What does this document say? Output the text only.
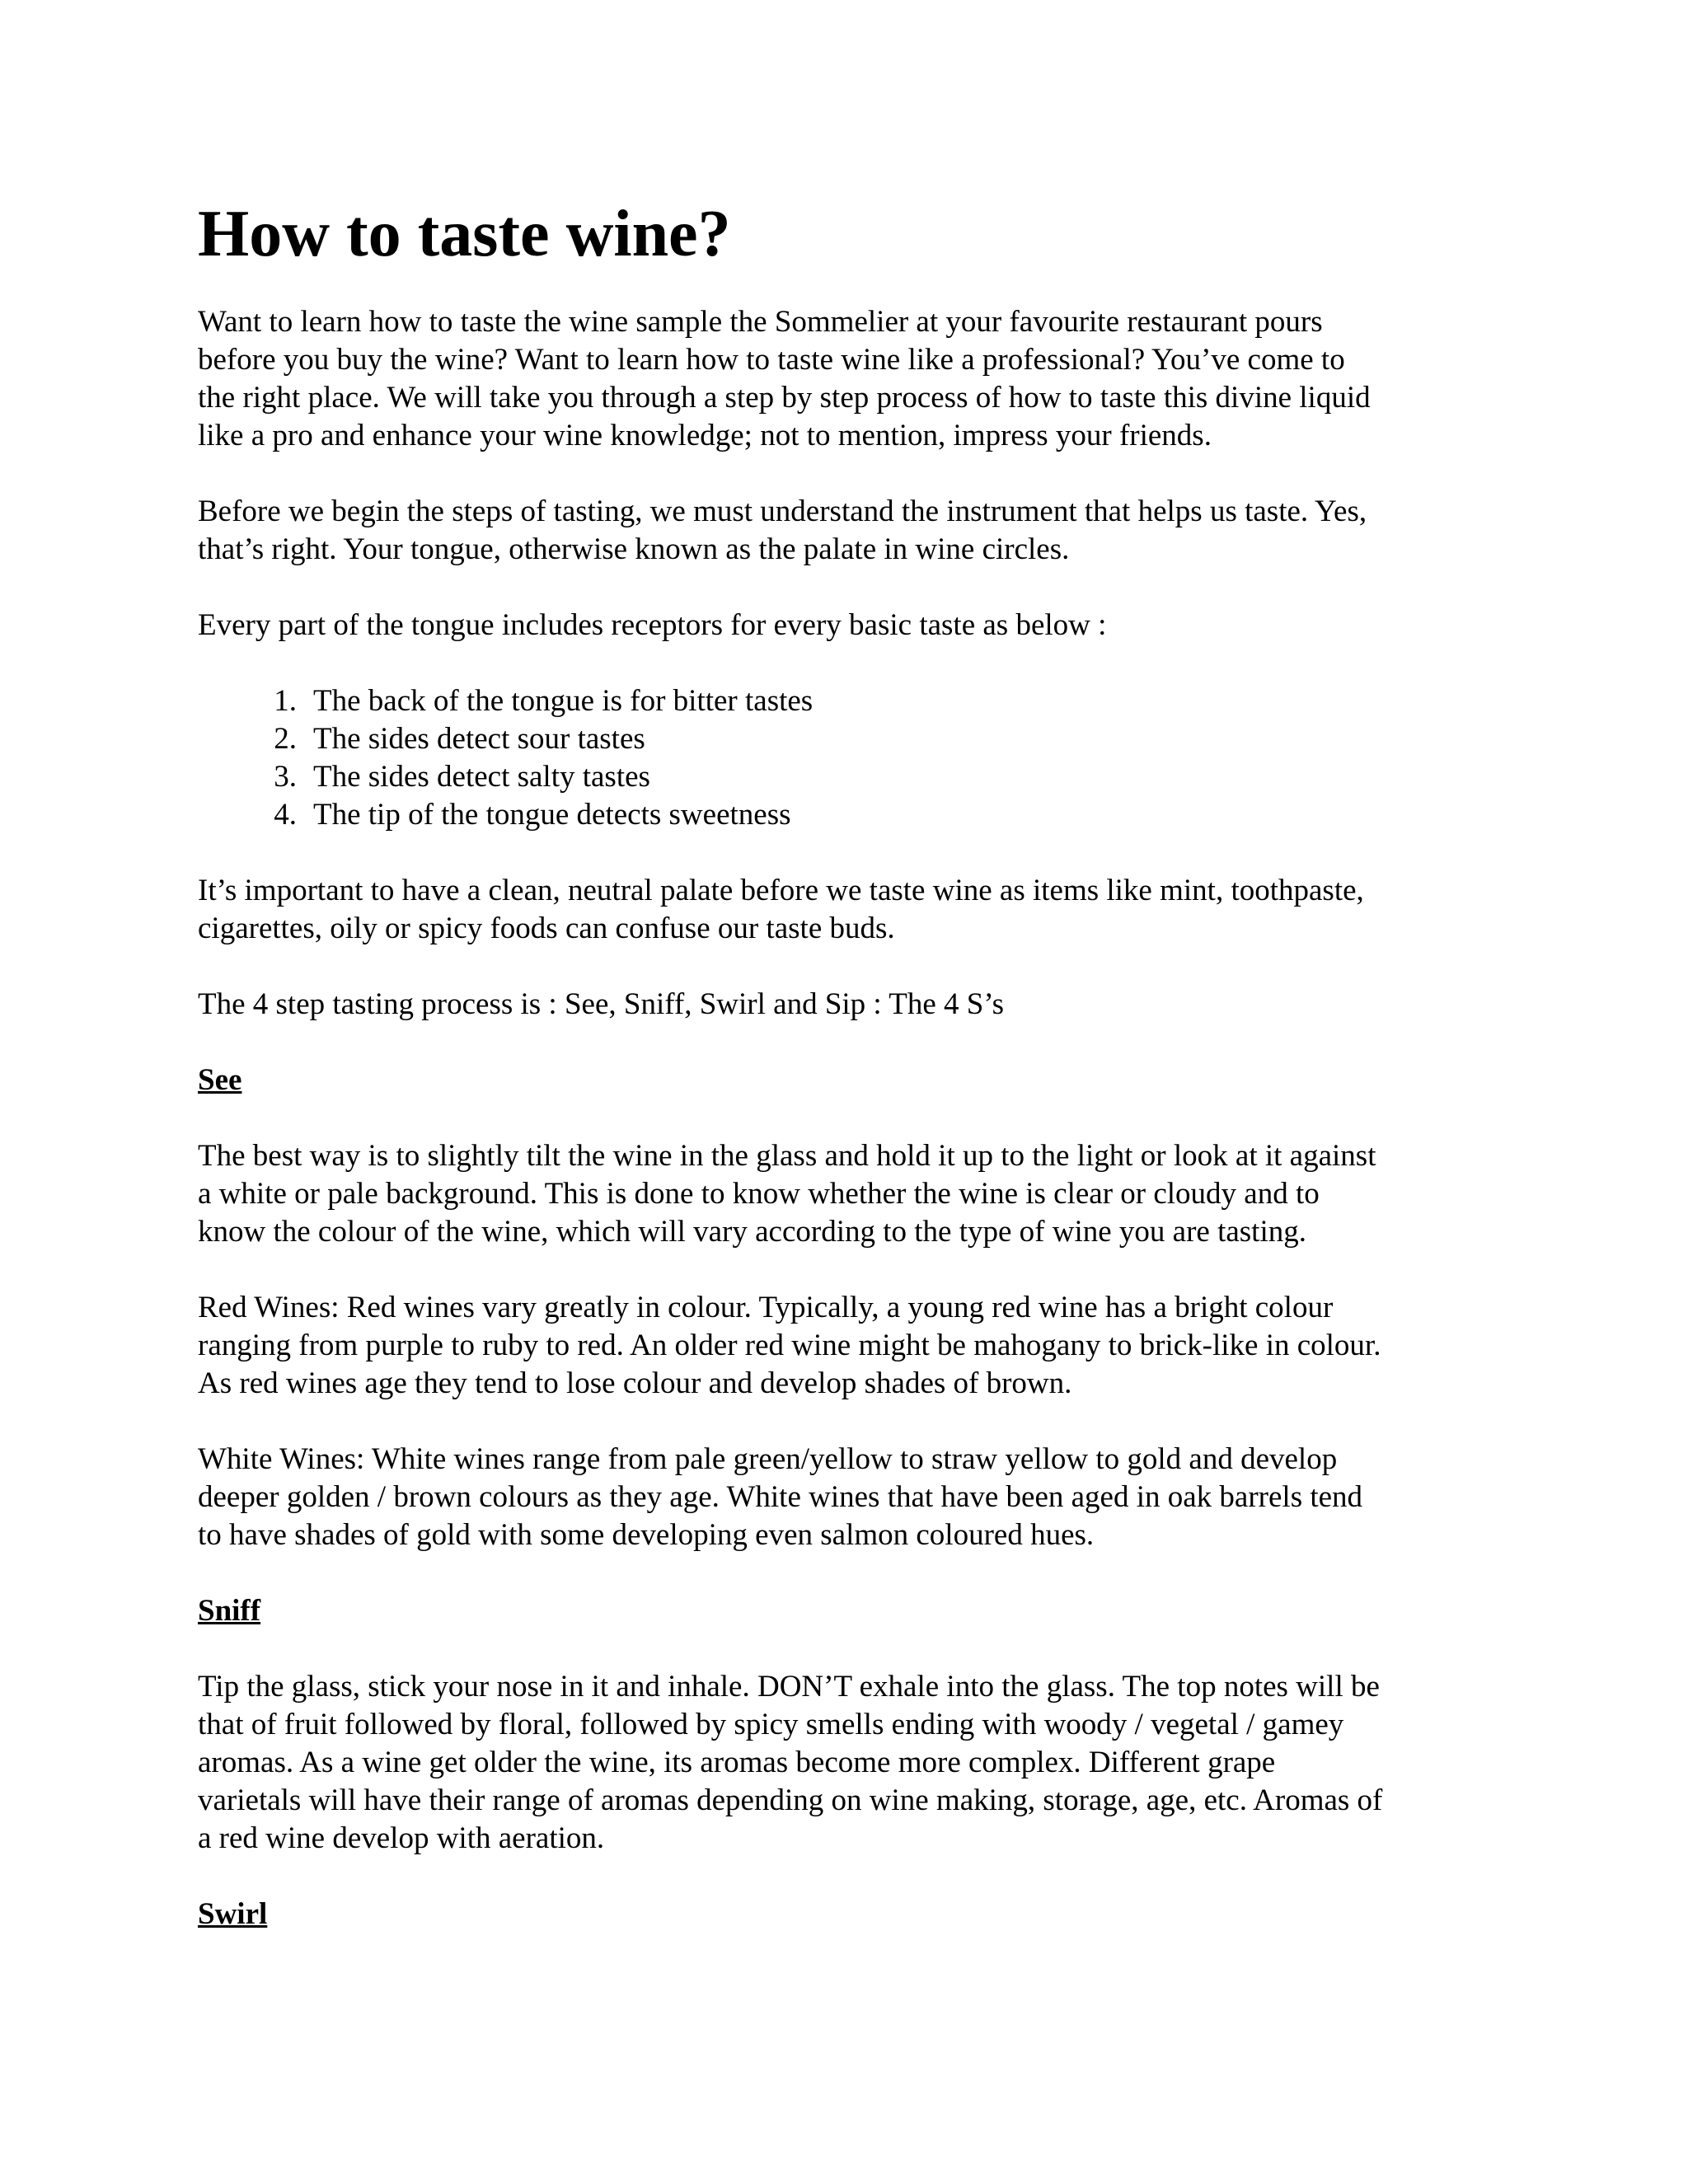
How to taste wine?
Want to learn how to taste the wine sample the Sommelier at your favourite restaurant pours
before you buy the wine? Want to learn how to taste wine like a professional? You’ve come to
the right place. We will take you through a step by step process of how to taste this divine liquid
like a pro and enhance your wine knowledge; not to mention, impress your friends.
Before we begin the steps of tasting, we must understand the instrument that helps us taste. Yes,
that’s right. Your tongue, otherwise known as the palate in wine circles.
Every part of the tongue includes receptors for every basic taste as below :
1. The back of the tongue is for bitter tastes
2. The sides detect sour tastes
3. The sides detect salty tastes
4. The tip of the tongue detects sweetness
It’s important to have a clean, neutral palate before we taste wine as items like mint, toothpaste,
cigarettes, oily or spicy foods can confuse our taste buds.
The 4 step tasting process is : See, Sniff, Swirl and Sip : The 4 S’s
See
The best way is to slightly tilt the wine in the glass and hold it up to the light or look at it against
a white or pale background. This is done to know whether the wine is clear or cloudy and to
know the colour of the wine, which will vary according to the type of wine you are tasting.
Red Wines: Red wines vary greatly in colour. Typically, a young red wine has a bright colour
ranging from purple to ruby to red. An older red wine might be mahogany to brick-like in colour.
As red wines age they tend to lose colour and develop shades of brown.
White Wines: White wines range from pale green/yellow to straw yellow to gold and develop
deeper golden / brown colours as they age. White wines that have been aged in oak barrels tend
to have shades of gold with some developing even salmon coloured hues.
Sniff
Tip the glass, stick your nose in it and inhale. DON’T exhale into the glass. The top notes will be
that of fruit followed by floral, followed by spicy smells ending with woody / vegetal / gamey
aromas. As a wine get older the wine, its aromas become more complex. Different grape
varietals will have their range of aromas depending on wine making, storage, age, etc. Aromas of
a red wine develop with aeration.
Swirl
